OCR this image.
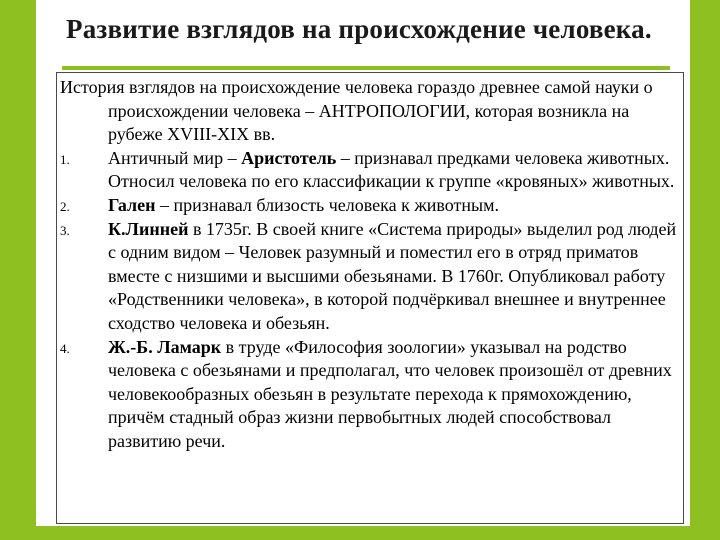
Развитие взглядов на происхождение человека.

История взглядов на происхождение человека гораздо древнее самой науки о происхождении человека – АНТРОПОЛОГИИ, которая возникла на рубеже XVIII-XIX вв.

1. Античный мир – Аристотель – признавал предками человека животных. Относил человека по его классификации к группе «кровяных» животных.
2. Гален – признавал близость человека к животным.
3. К.Линней в 1735г. В своей книге «Система природы» выделил род людей с одним видом – Человек разумный и поместил его в отряд приматов вместе с низшими и высшими обезьянами. В 1760г. Опубликовал работу «Родственники человека», в которой подчёркивал внешнее и внутреннее сходство человека и обезьян.
4. Ж.-Б. Ламарк в труде «Философия зоологии» указывал на родство человека с обезьянами и предполагал, что человек произошёл от древних человекообразных обезьян в результате перехода к прямохождению, причём стадный образ жизни первобытных людей способствовал развитию речи.
